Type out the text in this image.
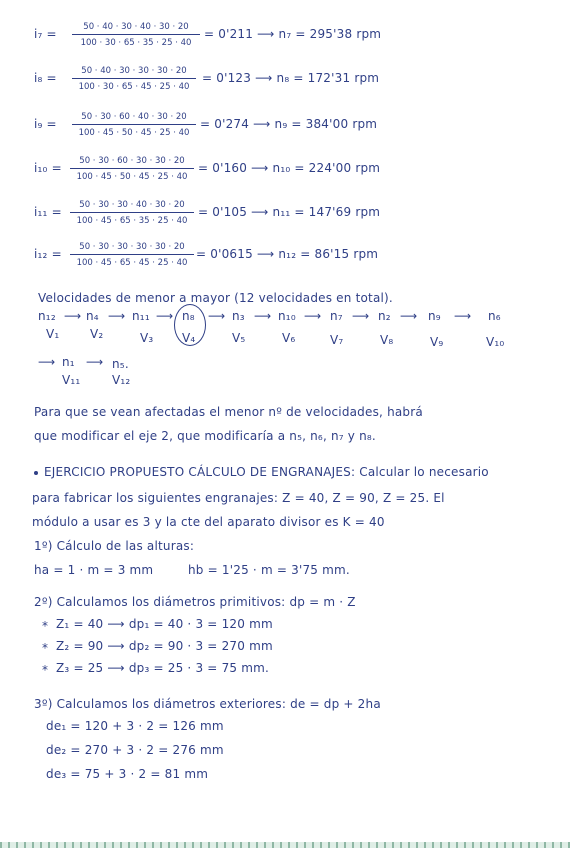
$i_7 = \frac{50 \cdot 40 \cdot 30 \cdot 40 \cdot 30 \cdot 20}{100 \cdot 30 \cdot 65 \cdot 35 \cdot 25 \cdot 40} = 0'211$ ⟶ n₇ = 295'38 rpm
$i_8 = \frac{50 \cdot 40 \cdot 30 \cdot 30 \cdot 30 \cdot 20}{100 \cdot 30 \cdot 65 \cdot 45 \cdot 25 \cdot 40} = 0'123$ ⟶ n₈ = 172'31 rpm
$i_9 = \frac{50 \cdot 30 \cdot 60 \cdot 40 \cdot 30 \cdot 20}{100 \cdot 45 \cdot 50 \cdot 45 \cdot 25 \cdot 40} = 0'274$ ⟶ n₉ = 384'00 rpm
$i_{10} = \frac{50 \cdot 30 \cdot 60 \cdot 30 \cdot 30 \cdot 20}{100 \cdot 45 \cdot 50 \cdot 45 \cdot 25 \cdot 40} = 0'160$ ⟶ n₁₀ = 224'00 rpm
$i_{11} = \frac{50 \cdot 30 \cdot 30 \cdot 40 \cdot 30 \cdot 20}{100 \cdot 45 \cdot 65 \cdot 35 \cdot 25 \cdot 40} = 0'105$ ⟶ n₁₁ = 147'69 rpm
$i_{12} = \frac{50 \cdot 30 \cdot 30 \cdot 30 \cdot 30 \cdot 20}{100 \cdot 45 \cdot 65 \cdot 45 \cdot 25 \cdot 40} = 0'0615$ ⟶ n₁₂ = 86'15 rpm
Velocidades de menor a mayor (12 velocidades en total).
n₁₂ ⟶ n₄ ⟶ n₁₁ ⟶ n₈ ⟶ n₃ ⟶ n₁₀ ⟶ n₇ ⟶ n₂ ⟶ n₉ ⟶ n₆
V₁	V₂	V₃ V₄	V₅	V₆	V₇	V₈	V₉	V₁₀
⟶ n₁ ⟶ n₅.
V₁₁	V₁₂
Para que se vean afectadas el menor nº de velocidades, habrá
que modificar el eje 2, que modificaría a n₅, n₆, n₇ y n₈.
EJERCICIO PROPUESTO CÁLCULO DE ENGRANAJES: Calcular lo necesario
para fabricar los siguientes engranajes: Z = 40, Z = 90, Z = 25. El
módulo a usar es 3 y la cte del aparato divisor es K = 40
1º) Cálculo de las alturas:
ha = 1 · m = 3 mm	hb = 1'25 · m = 3'75 mm.
2º) Calculamos los diámetros primitivos: dp = m · Z
* Z₁ = 40 ⟶ dp₁ = 40 · 3 = 120 mm
* Z₂ = 90 ⟶ dp₂ = 90 · 3 = 270 mm
* Z₃ = 25 ⟶ dp₃ = 25 · 3 = 75 mm.
3º) Calculamos los diámetros exteriores: de = dp + 2ha
de₁ = 120 + 3 · 2 = 126 mm
de₂ = 270 + 3 · 2 = 276 mm
de₃ = 75 + 3 · 2 = 81 mm
